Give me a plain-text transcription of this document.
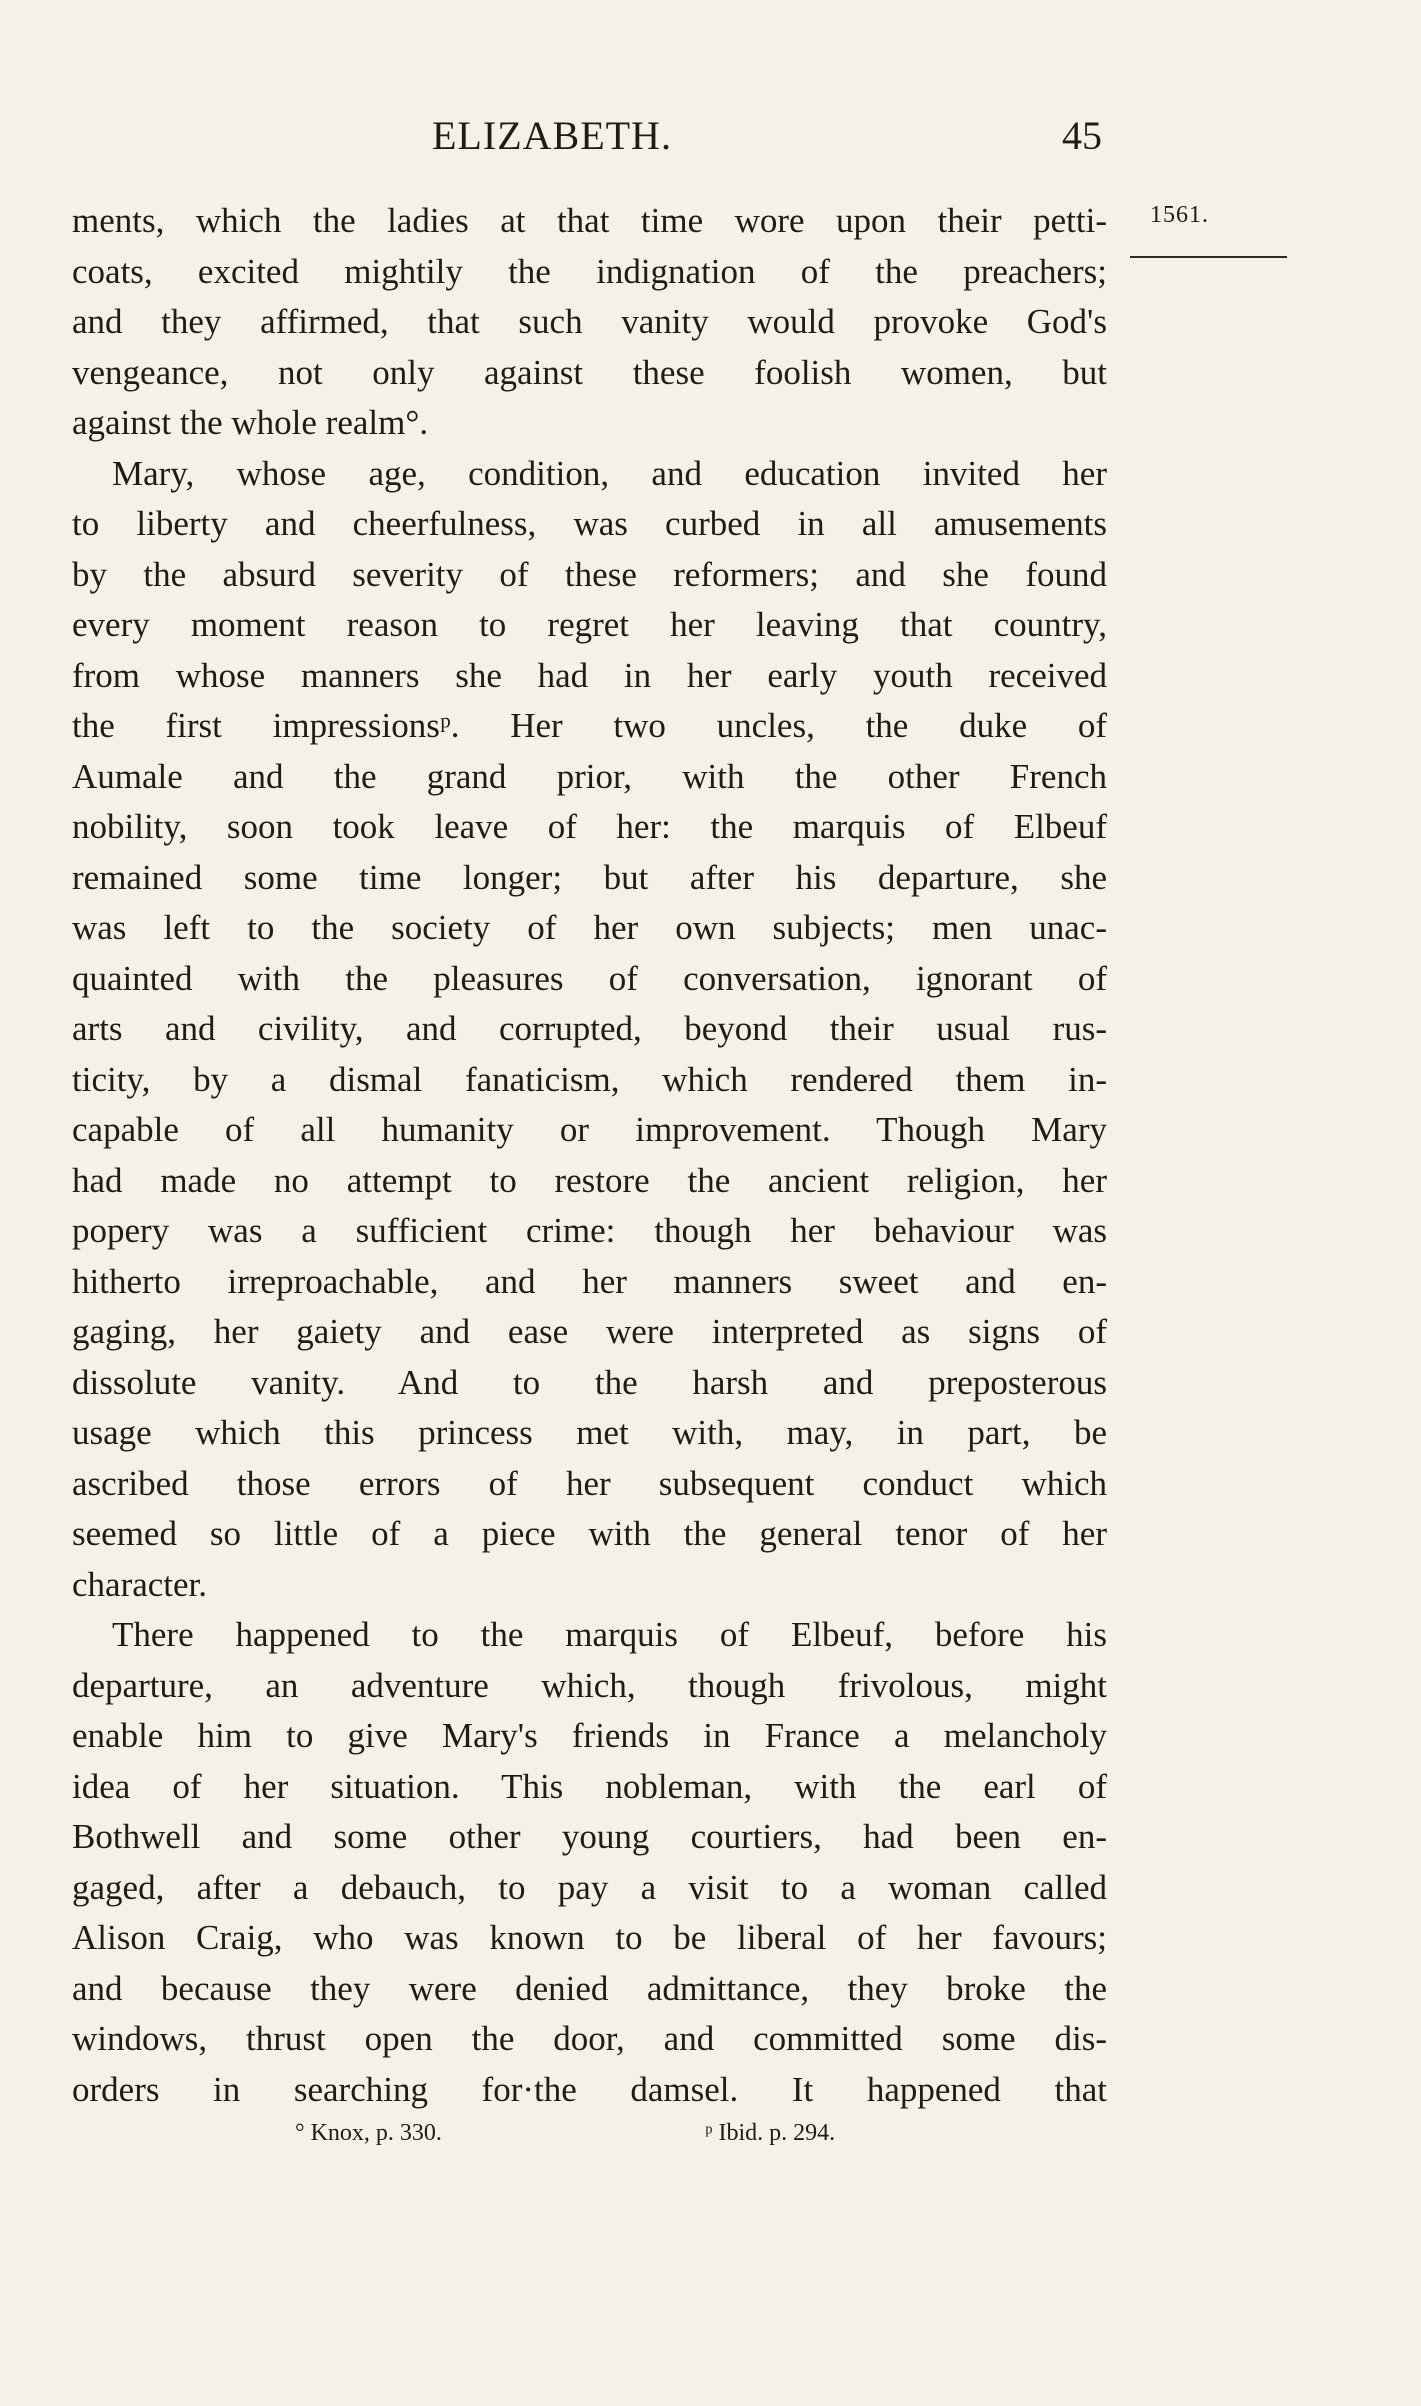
ELIZABETH.	45
1561.
ments, which the ladies at that time wore upon their petti-
coats, excited mightily the indignation of the preachers;
and they affirmed, that such vanity would provoke God's
vengeance, not only against these foolish women, but
against the whole realm°.
Mary, whose age, condition, and education invited her
to liberty and cheerfulness, was curbed in all amusements
by the absurd severity of these reformers; and she found
every moment reason to regret her leaving that country,
from whose manners she had in her early youth received
the first impressionsᵖ. Her two uncles, the duke of
Aumale and the grand prior, with the other French
nobility, soon took leave of her: the marquis of Elbeuf
remained some time longer; but after his departure, she
was left to the society of her own subjects; men unac-
quainted with the pleasures of conversation, ignorant of
arts and civility, and corrupted, beyond their usual rus-
ticity, by a dismal fanaticism, which rendered them in-
capable of all humanity or improvement. Though Mary
had made no attempt to restore the ancient religion, her
popery was a sufficient crime: though her behaviour was
hitherto irreproachable, and her manners sweet and en-
gaging, her gaiety and ease were interpreted as signs of
dissolute vanity. And to the harsh and preposterous
usage which this princess met with, may, in part, be
ascribed those errors of her subsequent conduct which
seemed so little of a piece with the general tenor of her
character.
There happened to the marquis of Elbeuf, before his
departure, an adventure which, though frivolous, might
enable him to give Mary's friends in France a melancholy
idea of her situation. This nobleman, with the earl of
Bothwell and some other young courtiers, had been en-
gaged, after a debauch, to pay a visit to a woman called
Alison Craig, who was known to be liberal of her favours;
and because they were denied admittance, they broke the
windows, thrust open the door, and committed some dis-
orders in searching for·the damsel. It happened that
° Knox, p. 330.	ᵖ Ibid. p. 294.
